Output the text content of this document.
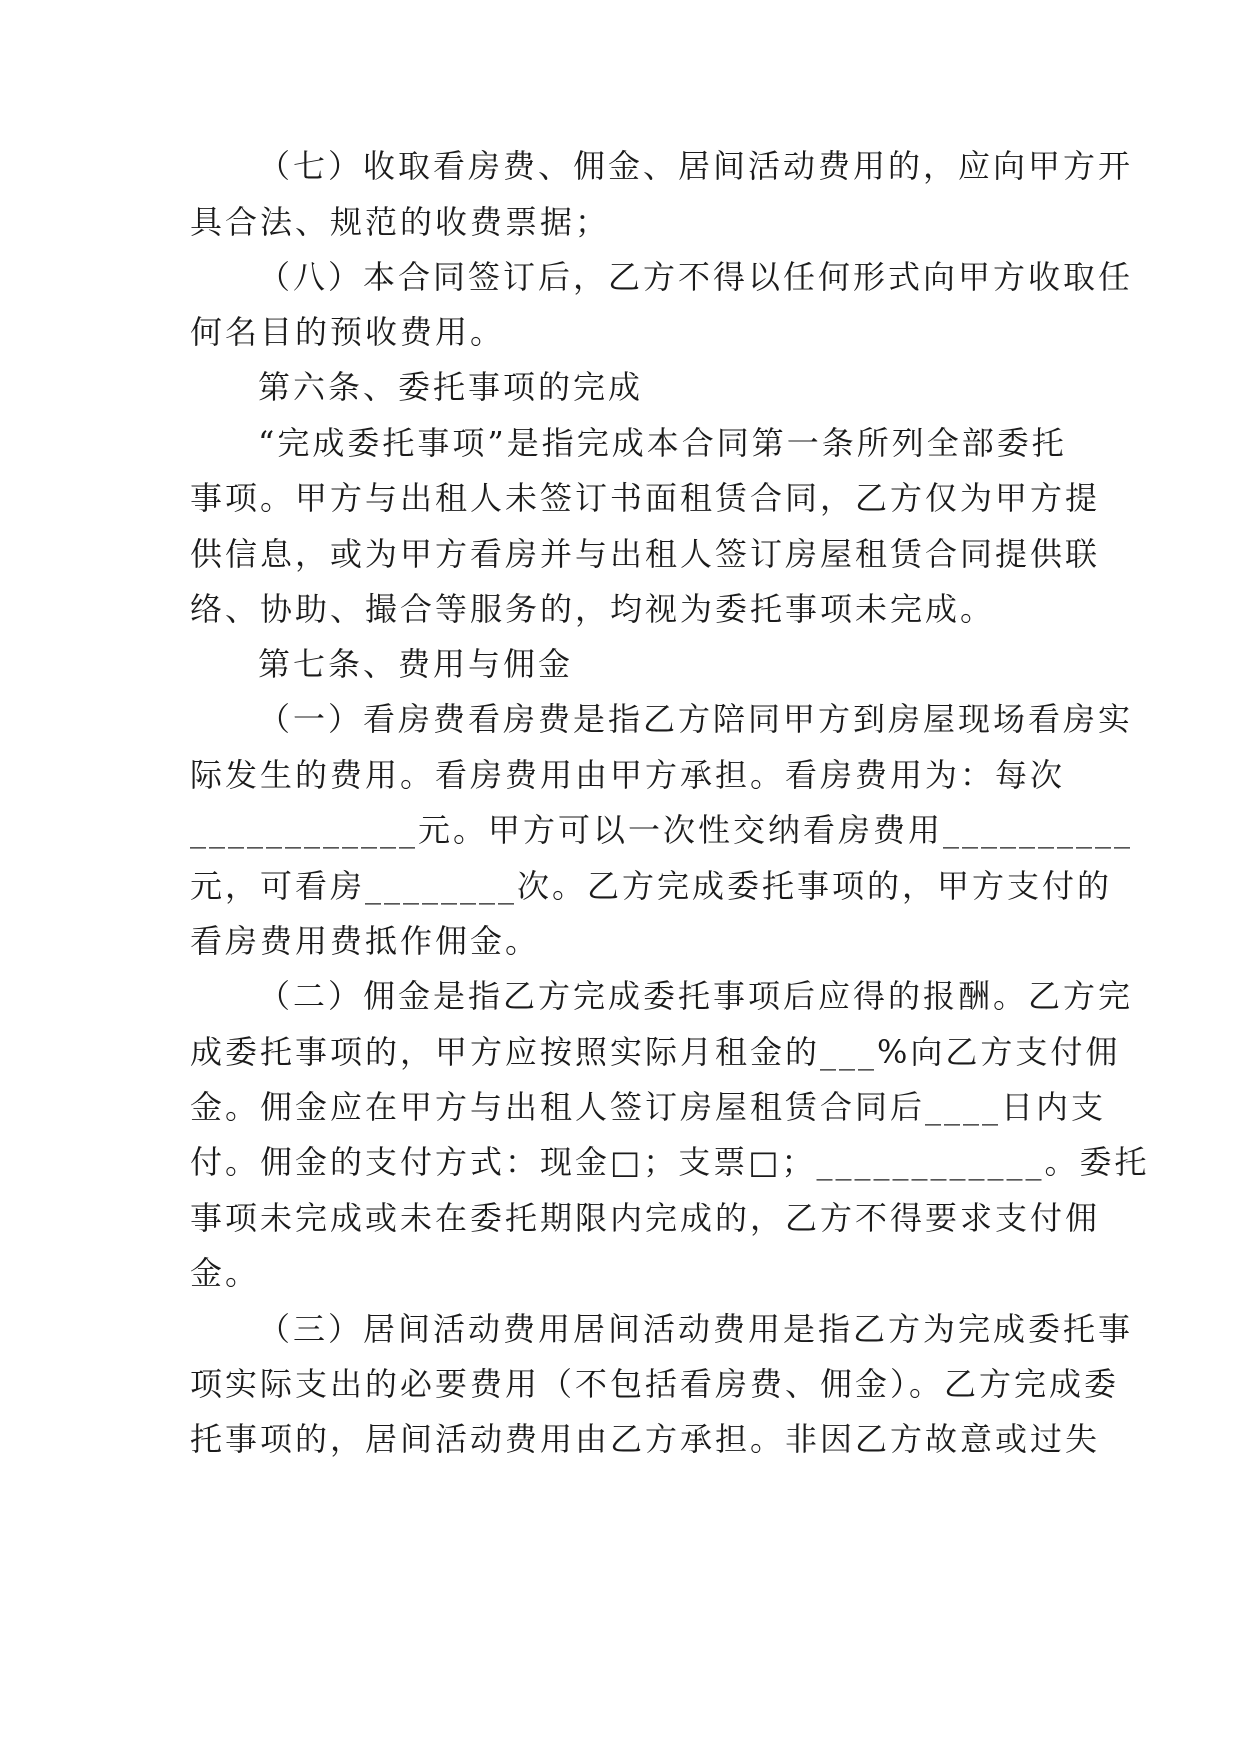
（七）收取看房费、佣金、居间活动费用的，应向甲方开
具合法、规范的收费票据；
（八）本合同签订后，乙方不得以任何形式向甲方收取任
何名目的预收费用。
第六条、委托事项的完成
“完成委托事项”是指完成本合同第一条所列全部委托
事项。甲方与出租人未签订书面租赁合同，乙方仅为甲方提
供信息，或为甲方看房并与出租人签订房屋租赁合同提供联
络、协助、撮合等服务的，均视为委托事项未完成。
第七条、费用与佣金
（一）看房费看房费是指乙方陪同甲方到房屋现场看房实
际发生的费用。看房费用由甲方承担。看房费用为：每次
____________元。甲方可以一次性交纳看房费用__________
元，可看房________次。乙方完成委托事项的，甲方支付的
看房费用费抵作佣金。
（二）佣金是指乙方完成委托事项后应得的报酬。乙方完
成委托事项的，甲方应按照实际月租金的___%向乙方支付佣
金。佣金应在甲方与出租人签订房屋租赁合同后____日内支
付。佣金的支付方式：现金□；支票□；____________。委托
事项未完成或未在委托期限内完成的，乙方不得要求支付佣
金。
（三）居间活动费用居间活动费用是指乙方为完成委托事
项实际支出的必要费用（不包括看房费、佣金）。乙方完成委
托事项的，居间活动费用由乙方承担。非因乙方故意或过失
